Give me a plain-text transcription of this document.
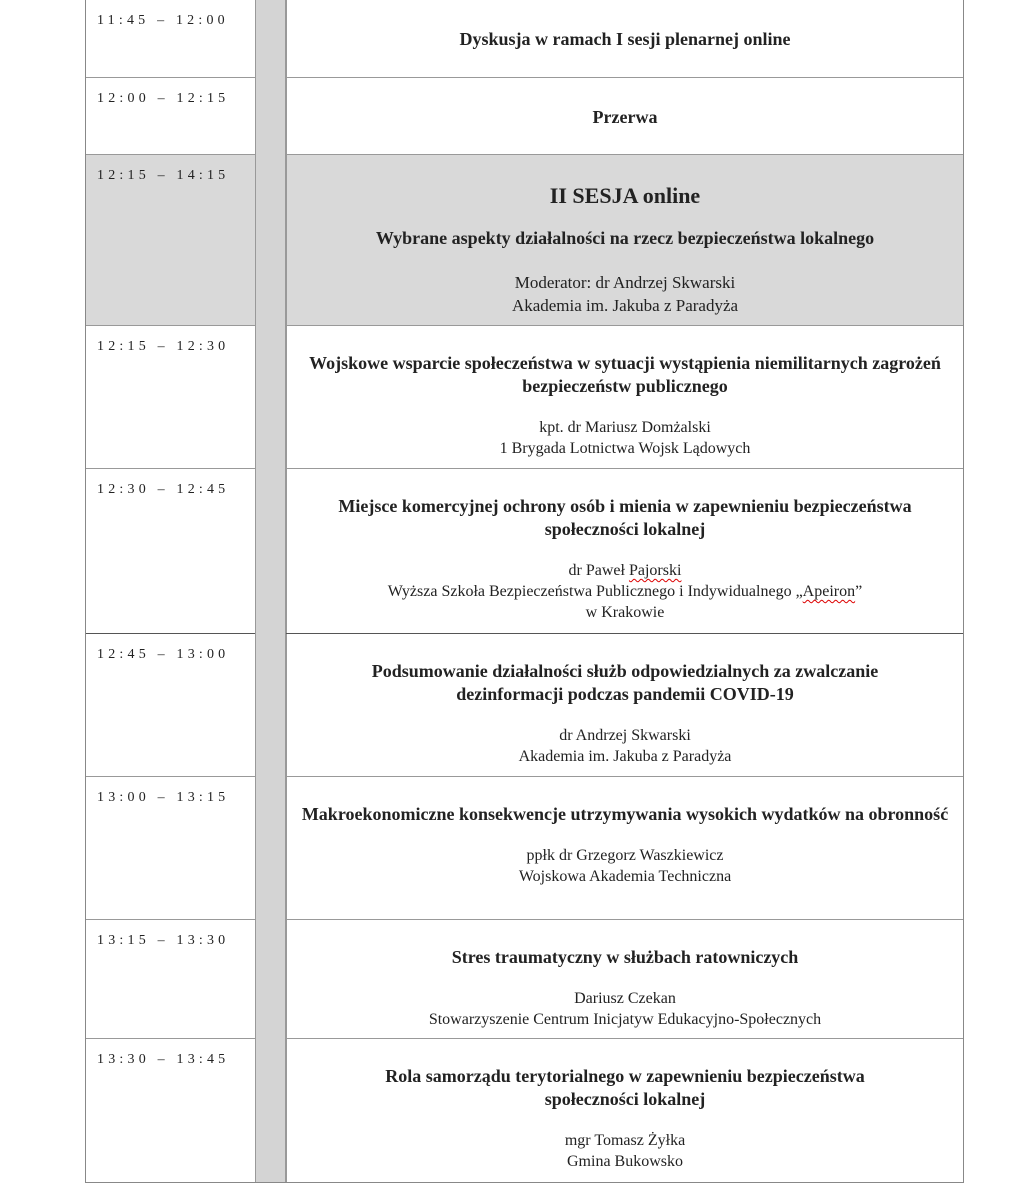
11:45 – 12:00
Dyskusja w ramach I sesji plenarnej online
12:00 – 12:15
Przerwa
12:15 – 14:15
II SESJA online
Wybrane aspekty działalności na rzecz bezpieczeństwa lokalnego
Moderator: dr Andrzej Skwarski
Akademia im. Jakuba z Paradyża
12:15 – 12:30
Wojskowe wsparcie społeczeństwa w sytuacji wystąpienia niemilitarnych zagrożeń bezpieczeństw publicznego
kpt. dr Mariusz Domżalski
1 Brygada Lotnictwa Wojsk Lądowych
12:30 – 12:45
Miejsce komercyjnej ochrony osób i mienia w zapewnieniu bezpieczeństwa społeczności lokalnej
dr Paweł Pajorski
Wyższa Szkoła Bezpieczeństwa Publicznego i Indywidualnego „Apeiron”
w Krakowie
12:45 – 13:00
Podsumowanie działalności służb odpowiedzialnych za zwalczanie dezinformacji podczas pandemii COVID-19
dr Andrzej Skwarski
Akademia im. Jakuba z Paradyża
13:00 – 13:15
Makroekonomiczne konsekwencje utrzymywania wysokich wydatków na obronność
ppłk dr Grzegorz Waszkiewicz
Wojskowa Akademia Techniczna
13:15 – 13:30
Stres traumatyczny w służbach ratowniczych
Dariusz Czekan
Stowarzyszenie Centrum Inicjatyw Edukacyjno-Społecznych
13:30 – 13:45
Rola samorządu terytorialnego w zapewnieniu bezpieczeństwa społeczności lokalnej
mgr Tomasz Żyłka
Gmina Bukowsko
